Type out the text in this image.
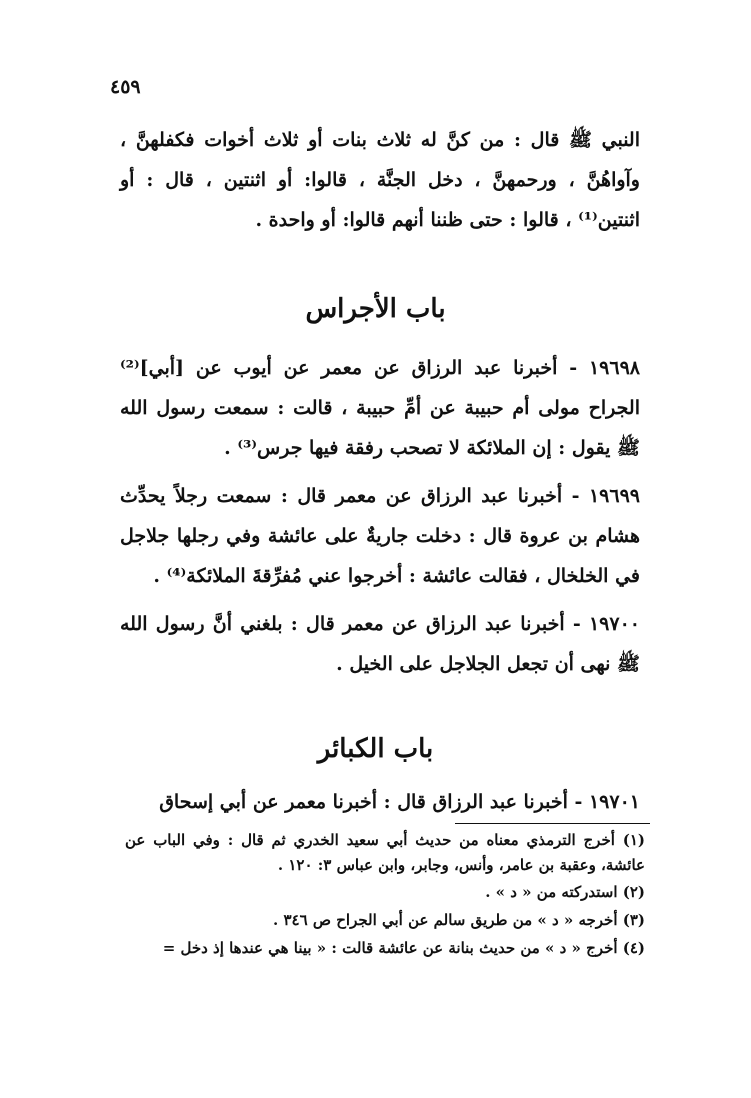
٤٥٩

النبي ﷺ قال : من كنَّ له ثلاث بنات أو ثلاث أخوات فكفلهنَّ ، وآواهُنَّ ، ورحمهنَّ ، دخل الجنَّة ، قالوا: أو اثنتين ، قال : أو اثنتين⁽¹⁾ ، قالوا : حتى ظننا أنهم قالوا: أو واحدة .

باب الأجراس

١٩٦٩٨ - أخبرنا عبد الرزاق عن معمر عن أيوب عن [أبي]⁽²⁾ الجراح مولى أم حبيبة عن أمِّ حبيبة ، قالت : سمعت رسول الله ﷺ يقول : إن الملائكة لا تصحب رفقة فيها جرس⁽³⁾ .

١٩٦٩٩ - أخبرنا عبد الرزاق عن معمر قال : سمعت رجلاً يحدِّث هشام بن عروة قال : دخلت جاريةٌ على عائشة وفي رجلها جلاجل في الخلخال ، فقالت عائشة : أخرجوا عني مُفرِّقةَ الملائكة⁽⁴⁾ .

١٩٧٠٠ - أخبرنا عبد الرزاق عن معمر قال : بلغني أنَّ رسول الله ﷺ نهى أن تجعل الجلاجل على الخيل .

باب الكبائر

١٩٧٠١ - أخبرنا عبد الرزاق قال : أخبرنا معمر عن أبي إسحاق

(١) أخرج الترمذي معناه من حديث أبي سعيد الخدري ثم قال : وفي الباب عن عائشة، وعقبة بن عامر، وأنس، وجابر، وابن عباس ٣: ١٢٠ .

(٢) استدركته من « د » .

(٣) أخرجه « د » من طريق سالم عن أبي الجراح ص ٣٤٦ .

(٤) أخرج « د » من حديث بنانة عن عائشة قالت : « بينا هي عندها إذ دخل =
